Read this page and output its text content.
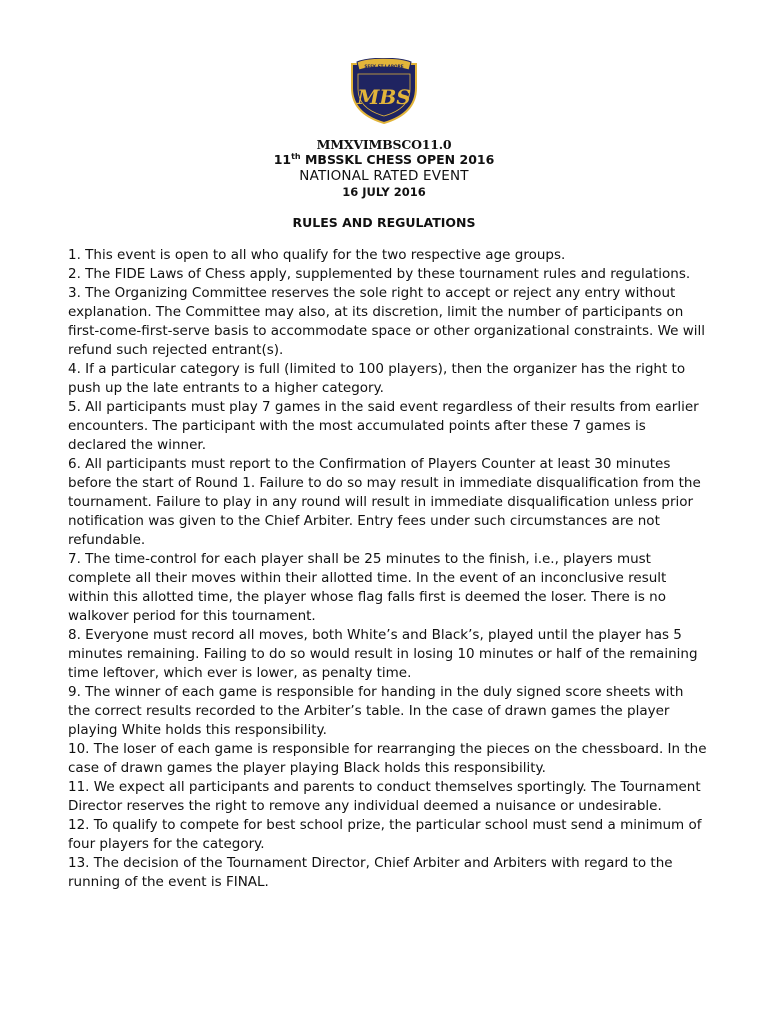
SEEK ET LABORE
MBS
MMXVIMBSCO11.0
11th MBSSKL CHESS OPEN 2016
NATIONAL RATED EVENT
16 JULY 2016
RULES AND REGULATIONS
1. This event is open to all who qualify for the two respective age groups.
2. The FIDE Laws of Chess apply, supplemented by these tournament rules and regulations.
3. The Organizing Committee reserves the sole right to accept or reject any entry without explanation. The Committee may also, at its discretion, limit the number of participants on first-come-first-serve basis to accommodate space or other organizational constraints. We will refund such rejected entrant(s).
4. If a particular category is full (limited to 100 players), then the organizer has the right to push up the late entrants to a higher category.
5. All participants must play 7 games in the said event regardless of their results from earlier encounters. The participant with the most accumulated points after these 7 games is declared the winner.
6. All participants must report to the Confirmation of Players Counter at least 30 minutes before the start of Round 1. Failure to do so may result in immediate disqualification from the tournament. Failure to play in any round will result in immediate disqualification unless prior notification was given to the Chief Arbiter. Entry fees under such circumstances are not refundable.
7. The time-control for each player shall be 25 minutes to the finish, i.e., players must complete all their moves within their allotted time. In the event of an inconclusive result within this allotted time, the player whose flag falls first is deemed the loser. There is no walkover period for this tournament.
8. Everyone must record all moves, both White’s and Black’s, played until the player has 5 minutes remaining. Failing to do so would result in losing 10 minutes or half of the remaining time leftover, which ever is lower, as penalty time.
9. The winner of each game is responsible for handing in the duly signed score sheets with the correct results recorded to the Arbiter’s table. In the case of drawn games the player playing White holds this responsibility.
10. The loser of each game is responsible for rearranging the pieces on the chessboard. In the case of drawn games the player playing Black holds this responsibility.
11. We expect all participants and parents to conduct themselves sportingly. The Tournament Director reserves the right to remove any individual deemed a nuisance or undesirable.
12. To qualify to compete for best school prize, the particular school must send a minimum of four players for the category.
13. The decision of the Tournament Director, Chief Arbiter and Arbiters with regard to the running of the event is FINAL.
